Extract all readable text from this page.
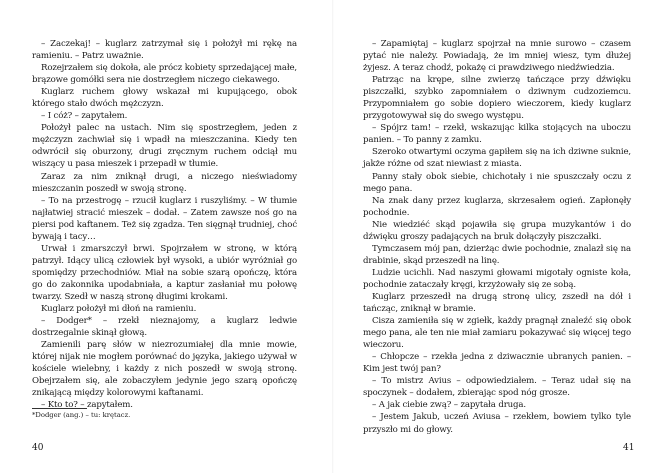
– Zaczekaj! – kuglarz zatrzymał się i położył mi rękę na ramieniu. – Patrz uważnie.

Rozejrzałem się dokoła, ale prócz kobiety sprzedającej małe, brązowe gomółki sera nie dostrzegłem niczego ciekawego.

Kuglarz ruchem głowy wskazał mi kupującego, obok którego stało dwóch mężczyzn.

– I cóż? – zapytałem.

Położył palec na ustach. Nim się spostrzegłem, jeden z mężczyzn zachwiał się i wpadł na mieszczanina. Kiedy ten odwrócił się oburzony, drugi zręcznym ruchem odciął mu wiszący u pasa mieszek i przepadł w tłumie.

Zaraz za nim zniknął drugi, a niczego nieświadomy mieszczanin poszedł w swoją stronę.

– To na przestrogę – rzucił kuglarz i ruszyliśmy. – W tłumie najłatwiej stracić mieszek – dodał. – Zatem zawsze noś go na piersi pod kaftanem. Też się zgadza. Ten sięgnął trudniej, choć bywają i tacy…

Urwał i zmarszczył brwi. Spojrzałem w stronę, w którą patrzył. Idący ulicą człowiek był wysoki, a ubiór wyróżniał go spomiędzy przechodniów. Miał na sobie szarą opończę, która go do zakonnika upodabniała, a kaptur zasłaniał mu połowę twarzy. Szedł w naszą stronę długimi krokami.

Kuglarz położył mi dłoń na ramieniu.

– Dodger* – rzekł nieznajomy, a kuglarz ledwie dostrzegalnie skinął głową.

Zamienili parę słów w niezrozumiałej dla mnie mowie, której nijak nie mogłem porównać do języka, jakiego używał w kościele wielebny, i każdy z nich poszedł w swoją stronę. Obejrzałem się, ale zobaczyłem jedynie jego szarą opończę znikającą między kolorowymi kaftanami.

– Kto to? – zapytałem.

*Dodger (ang.) – tu: krętacz.
40

– Zapamiętaj – kuglarz spojrzał na mnie surowo – czasem pytać nie należy. Powiadają, że im mniej wiesz, tym dłużej żyjesz. A teraz chodź, pokażę ci prawdziwego niedźwiedzia.

Patrząc na krępe, silne zwierzę tańczące przy dźwięku piszczałki, szybko zapomniałem o dziwnym cudzoziemcu. Przypomniałem go sobie dopiero wieczorem, kiedy kuglarz przygotowywał się do swego występu.

– Spójrz tam! – rzekł, wskazując kilka stojących na uboczu panien. – To panny z zamku.

Szeroko otwartymi oczyma gapiłem się na ich dziwne suknie, jakże różne od szat niewiast z miasta.

Panny stały obok siebie, chichotały i nie spuszczały oczu z mego pana.

Na znak dany przez kuglarza, skrzesałem ogień. Zapłonęły pochodnie.

Nie wiedziéć skąd pojawiła się grupa muzykantów i do dźwięku groszy padających na bruk dołączyły piszczałki.

Tymczasem mój pan, dzierżąc dwie pochodnie, znalazł się na drabinie, skąd przeszedł na linę.

Ludzie ucichli. Nad naszymi głowami migotały ogniste koła, pochodnie zataczały kręgi, krzyżowały się ze sobą.

Kuglarz przeszedł na drugą stronę ulicy, zszedł na dół i tańcząc, zniknął w bramie.

Cisza zamieniła się w zgiełk, każdy pragnął znaleźć się obok mego pana, ale ten nie miał zamiaru pokazywać się więcej tego wieczoru.

– Chłopcze – rzekła jedna z dziwacznie ubranych panien. – Kim jest twój pan?

– To mistrz Avius – odpowiedziałem. – Teraz udał się na spoczynek – dodałem, zbierając spod nóg grosze.

– A jak ciebie zwą? – zapytała druga.

– Jestem Jakub, uczeń Aviusa – rzekłem, bowiem tylko tyle przyszło mi do głowy.

41
